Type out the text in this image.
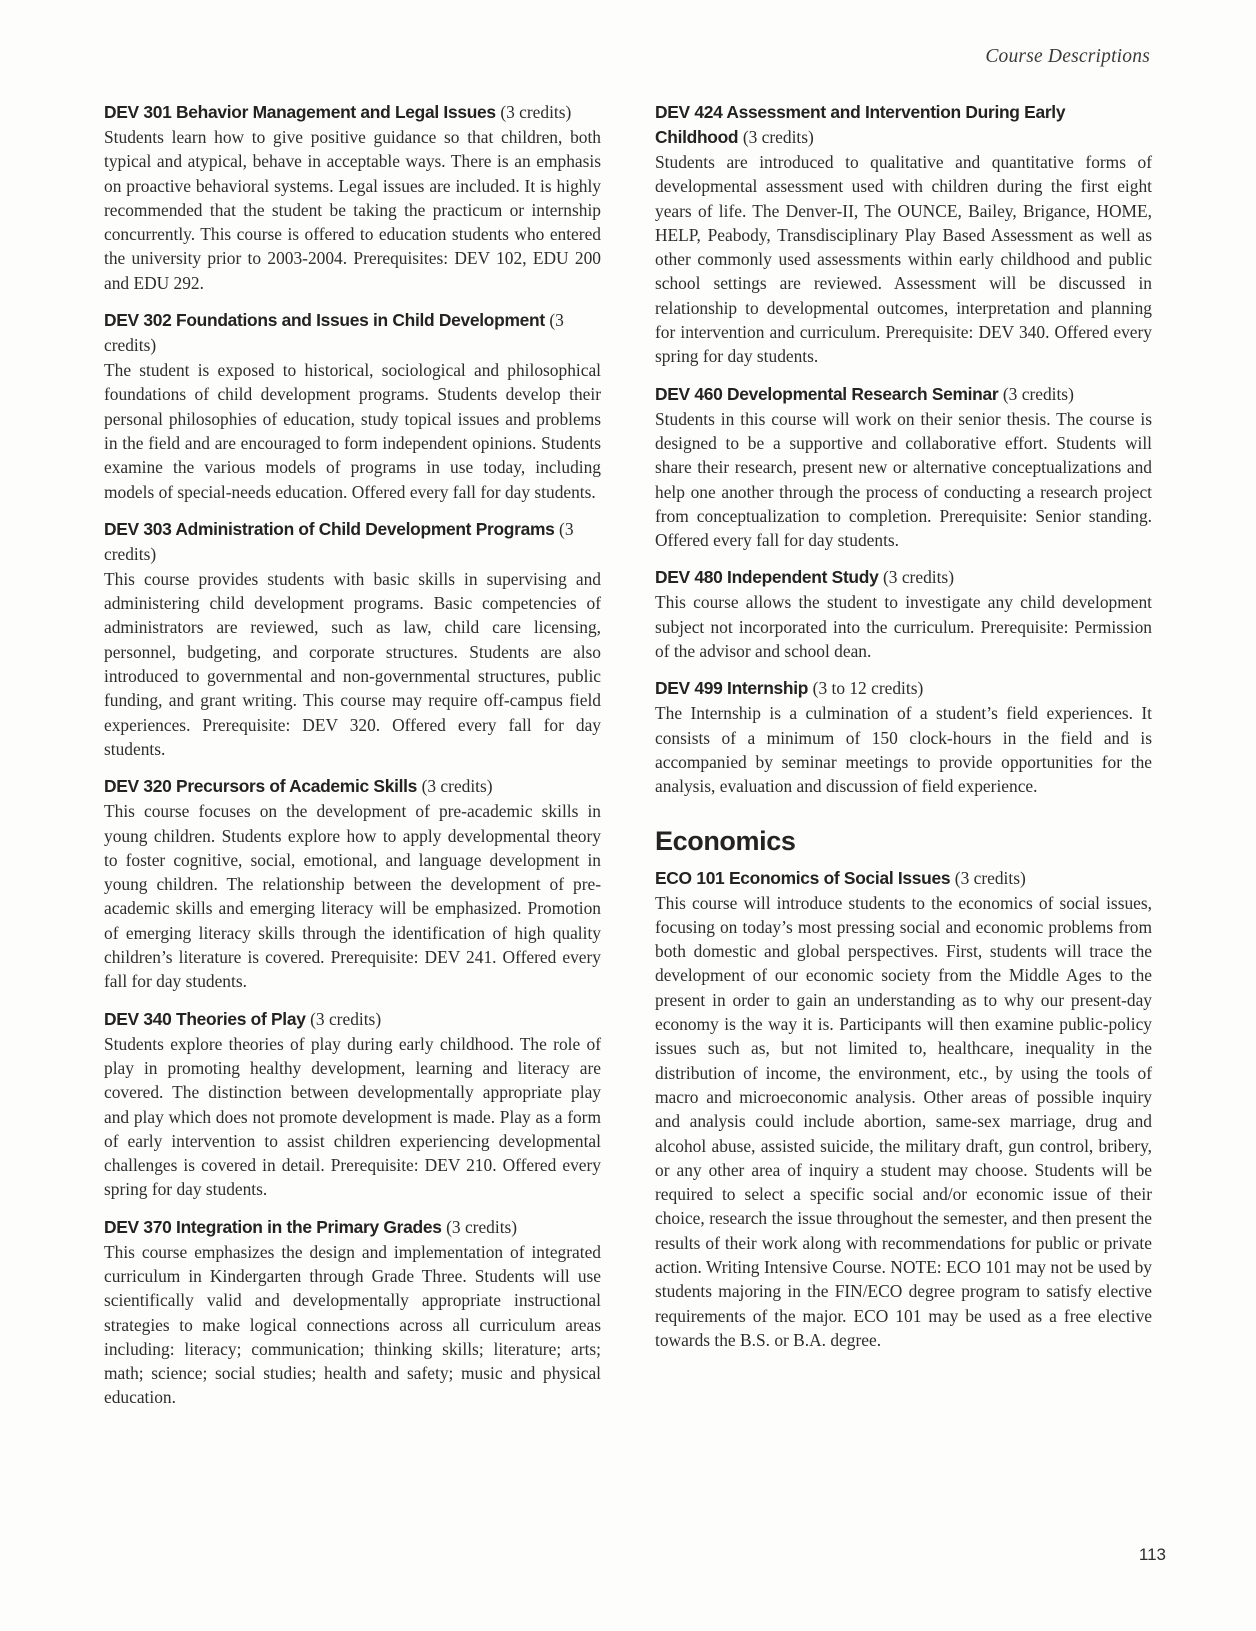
Course Descriptions
DEV 301 Behavior Management and Legal Issues (3 credits)

Students learn how to give positive guidance so that children, both typical and atypical, behave in acceptable ways. There is an emphasis on proactive behavioral systems. Legal issues are included. It is highly recommended that the student be taking the practicum or internship concurrently. This course is offered to education students who entered the university prior to 2003-2004. Prerequisites: DEV 102, EDU 200 and EDU 292.

DEV 302 Foundations and Issues in Child Development (3 credits)

The student is exposed to historical, sociological and philosophical foundations of child development programs. Students develop their personal philosophies of education, study topical issues and problems in the field and are encouraged to form independent opinions. Students examine the various models of programs in use today, including models of special-needs education. Offered every fall for day students.

DEV 303 Administration of Child Development Programs (3 credits)

This course provides students with basic skills in supervising and administering child development programs. Basic competencies of administrators are reviewed, such as law, child care licensing, personnel, budgeting, and corporate structures. Students are also introduced to governmental and non-governmental structures, public funding, and grant writing. This course may require off-campus field experiences. Prerequisite: DEV 320. Offered every fall for day students.

DEV 320 Precursors of Academic Skills (3 credits)

This course focuses on the development of pre-academic skills in young children. Students explore how to apply developmental theory to foster cognitive, social, emotional, and language development in young children. The relationship between the development of pre-academic skills and emerging literacy will be emphasized. Promotion of emerging literacy skills through the identification of high quality children’s literature is covered. Prerequisite: DEV 241. Offered every fall for day students.

DEV 340 Theories of Play (3 credits)

Students explore theories of play during early childhood. The role of play in promoting healthy development, learning and literacy are covered. The distinction between developmentally appropriate play and play which does not promote development is made. Play as a form of early intervention to assist children experiencing developmental challenges is covered in detail. Prerequisite: DEV 210. Offered every spring for day students.

DEV 370 Integration in the Primary Grades (3 credits)

This course emphasizes the design and implementation of integrated curriculum in Kindergarten through Grade Three. Students will use scientifically valid and developmentally appropriate instructional strategies to make logical connections across all curriculum areas including: literacy; communication; thinking skills; literature; arts; math; science; social studies; health and safety; music and physical education.

DEV 424 Assessment and Intervention During Early Childhood (3 credits)

Students are introduced to qualitative and quantitative forms of developmental assessment used with children during the first eight years of life. The Denver-II, The OUNCE, Bailey, Brigance, HOME, HELP, Peabody, Transdisciplinary Play Based Assessment as well as other commonly used assessments within early childhood and public school settings are reviewed. Assessment will be discussed in relationship to developmental outcomes, interpretation and planning for intervention and curriculum. Prerequisite: DEV 340. Offered every spring for day students.

DEV 460 Developmental Research Seminar (3 credits)

Students in this course will work on their senior thesis. The course is designed to be a supportive and collaborative effort. Students will share their research, present new or alternative conceptualizations and help one another through the process of conducting a research project from conceptualization to completion. Prerequisite: Senior standing. Offered every fall for day students.

DEV 480 Independent Study (3 credits)

This course allows the student to investigate any child development subject not incorporated into the curriculum. Prerequisite: Permission of the advisor and school dean.

DEV 499 Internship (3 to 12 credits)

The Internship is a culmination of a student’s field experiences. It consists of a minimum of 150 clock-hours in the field and is accompanied by seminar meetings to provide opportunities for the analysis, evaluation and discussion of field experience.

Economics
ECO 101 Economics of Social Issues (3 credits)

This course will introduce students to the economics of social issues, focusing on today’s most pressing social and economic problems from both domestic and global perspectives. First, students will trace the development of our economic society from the Middle Ages to the present in order to gain an understanding as to why our present-day economy is the way it is. Participants will then examine public-policy issues such as, but not limited to, healthcare, inequality in the distribution of income, the environment, etc., by using the tools of macro and microeconomic analysis. Other areas of possible inquiry and analysis could include abortion, same-sex marriage, drug and alcohol abuse, assisted suicide, the military draft, gun control, bribery, or any other area of inquiry a student may choose. Students will be required to select a specific social and/or economic issue of their choice, research the issue throughout the semester, and then present the results of their work along with recommendations for public or private action. Writing Intensive Course. NOTE: ECO 101 may not be used by students majoring in the FIN/ECO degree program to satisfy elective requirements of the major. ECO 101 may be used as a free elective towards the B.S. or B.A. degree.

113
